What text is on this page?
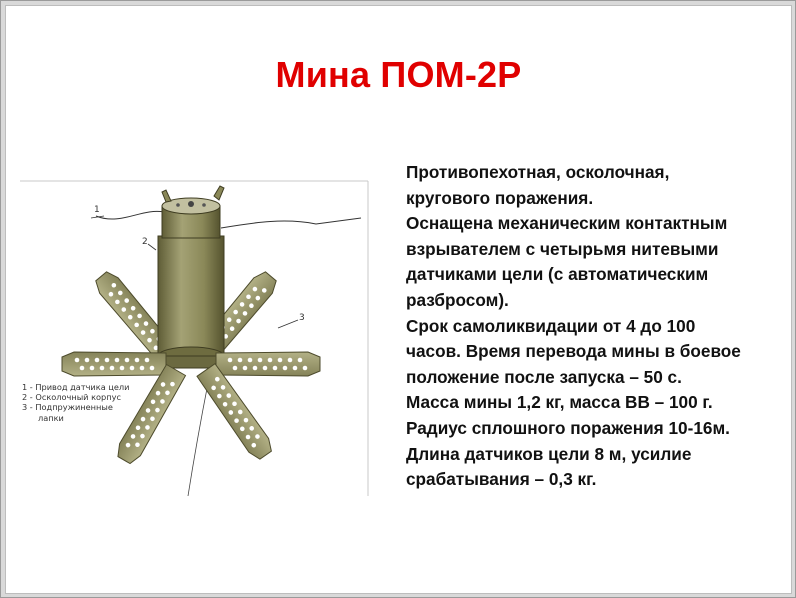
Мина ПОМ-2Р
Противопехотная, осколочная,
кругового поражения.
Оснащена механическим контактным
взрывателем с четырьмя нитевыми
датчиками цели (с автоматическим
разбросом).
Срок самоликвидации от 4 до 100
часов. Время перевода мины в боевое
положение после запуска – 50 с.
Масса мины 1,2 кг, масса ВВ – 100 г.
Радиус сплошного поражения 10-16м.
Длина датчиков цели 8 м, усилие
срабатывания – 0,3 кг.
1
2
3
1 - Привод датчика цели
2 - Осколочный корпус
3 - Подпружиненные
лапки
